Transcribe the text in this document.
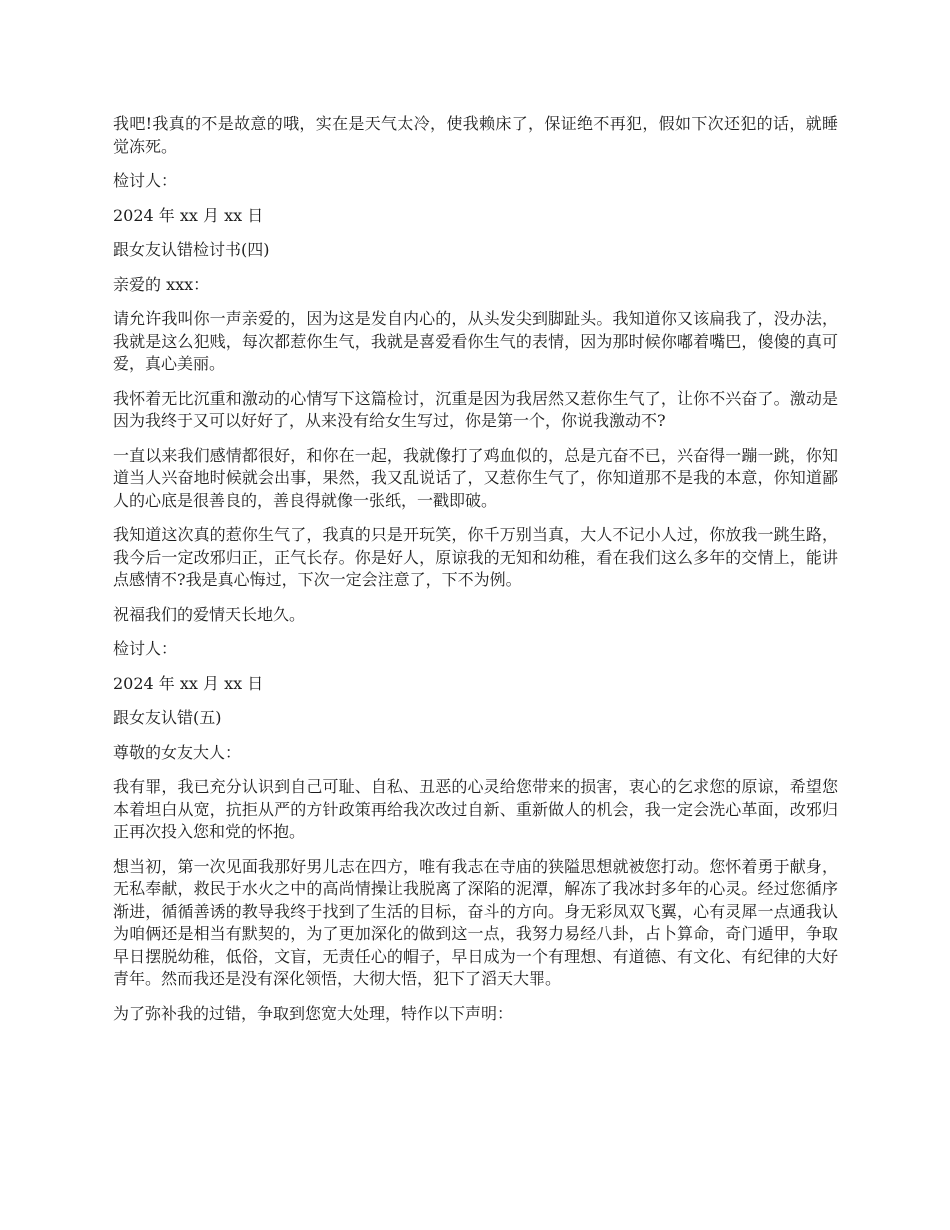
我吧!我真的不是故意的哦，实在是天气太冷，使我赖床了，保证绝不再犯，假如下次还犯的话，就睡觉冻死。

检讨人：

2024 年 xx 月 xx 日

跟女友认错检讨书(四)

亲爱的 xxx：

请允许我叫你一声亲爱的，因为这是发自内心的，从头发尖到脚趾头。我知道你又该扁我了，没办法，我就是这么犯贱，每次都惹你生气，我就是喜爱看你生气的表情，因为那时候你嘟着嘴巴，傻傻的真可爱，真心美丽。

我怀着无比沉重和激动的心情写下这篇检讨，沉重是因为我居然又惹你生气了，让你不兴奋了。激动是因为我终于又可以好好了，从来没有给女生写过，你是第一个，你说我激动不?

一直以来我们感情都很好，和你在一起，我就像打了鸡血似的，总是亢奋不已，兴奋得一蹦一跳，你知道当人兴奋地时候就会出事，果然，我又乱说话了，又惹你生气了，你知道那不是我的本意，你知道鄙人的心底是很善良的，善良得就像一张纸，一戳即破。

我知道这次真的惹你生气了，我真的只是开玩笑，你千万别当真，大人不记小人过，你放我一跳生路，我今后一定改邪归正，正气长存。你是好人，原谅我的无知和幼稚，看在我们这么多年的交情上，能讲点感情不?我是真心悔过，下次一定会注意了，下不为例。

祝福我们的爱情天长地久。

检讨人：

2024 年 xx 月 xx 日

跟女友认错(五)

尊敬的女友大人：

我有罪，我已充分认识到自己可耻、自私、丑恶的心灵给您带来的损害，衷心的乞求您的原谅，希望您本着坦白从宽，抗拒从严的方针政策再给我次改过自新、重新做人的机会，我一定会洗心革面，改邪归正再次投入您和党的怀抱。

想当初，第一次见面我那好男儿志在四方，唯有我志在寺庙的狭隘思想就被您打动。您怀着勇于献身，无私奉献，救民于水火之中的高尚情操让我脱离了深陷的泥潭，解冻了我冰封多年的心灵。经过您循序渐进，循循善诱的教导我终于找到了生活的目标，奋斗的方向。身无彩凤双飞翼，心有灵犀一点通我认为咱俩还是相当有默契的，为了更加深化的做到这一点，我努力易经八卦，占卜算命，奇门遁甲，争取早日摆脱幼稚，低俗，文盲，无责任心的帽子，早日成为一个有理想、有道德、有文化、有纪律的大好青年。然而我还是没有深化领悟，大彻大悟，犯下了滔天大罪。

为了弥补我的过错，争取到您宽大处理，特作以下声明：
